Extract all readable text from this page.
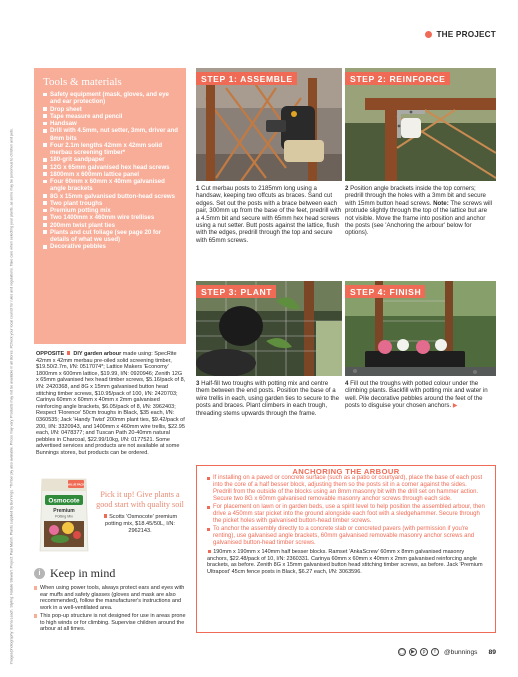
Images/photography: Elena Leach. Styling: Natalie Stewart. Project: Paul Marsh. Plants supplied by Bunnings. *Timber ply also available. Prices may vary. Products may not be available in all stores. #Check your local council for rules and regulations. Take care when selecting your plants, as some may be poisonous to children and pets.
THE PROJECT
Tools & materials
Safety equipment (mask, gloves, and eye and ear protection)
Drop sheet
Tape measure and pencil
Handsaw
Drill with 4.5mm, nut setter, 3mm, driver and 8mm bits
Four 2.1m lengths 42mm x 42mm solid merbau screening timber*
180-grit sandpaper
12G x 65mm galvanised hex head screws
1800mm x 600mm lattice panel
Four 60mm x 60mm x 40mm galvanised angle brackets
8G x 15mm galvanised button-head screws
Two plant troughs
Premium potting mix
Two 1400mm x 460mm wire trellises
200mm twist plant ties
Plants and cut foliage (see page 20 for details of what we used)
Decorative pebbles
OPPOSITE DIY garden arbour made using: SpecRite 42mm x 42mm merbau pre-oiled solid screening timber, $19.50/2.7m, I/N: 0517074*; Lattice Makers 'Economy' 1800mm x 600mm lattice, $19.99, I/N: 0920946; Zenith 12G x 65mm galvanised hex head timber screws, $5.16/pack of 8, I/N: 2420368, and 8G x 15mm galvanised button head stitching timber screws, $10.95/pack of 100, I/N: 2420703; Carinya 60mm x 60mm x 40mm x 2mm galvanised reinforcing angle brackets, $6.05/pack of 8, I/N: 3962403; Respect 'Florence' 50cm troughs in Black, $35 each, I/N: 0360535; Jack 'Handy Twist' 200mm plant ties, $9.42/pack of 200, I/N: 3320943, and 1400mm x 460mm wire trellis, $22.95 each, I/N: 0478377; and Tuscan Path 20-40mm natural pebbles in Charcoal, $22.99/10kg, I/N: 0177521. Some advertised services and products are not available at some Bunnings stores, but products can be ordered.
Osmocote
Premium
Potting Mix
VALUE PACK
Pick it up! Give plants a good start with quality soil
Scotts 'Osmocote' premium potting mix, $18.45/50L, I/N: 2962143.
i Keep in mind
When using power tools, always protect ears and eyes with ear muffs and safety glasses (gloves and mask are also recommended), follow the manufacturer's instructions and work in a well-ventilated area.
This pop-up structure is not designed for use in areas prone to high winds or for climbing. Supervise children around the arbour at all times.
STEP 1: ASSEMBLE
1 Cut merbau posts to 2185mm long using a handsaw, keeping two offcuts as braces. Sand cut edges. Set out the posts with a brace between each pair, 300mm up from the base of the feet, predrill with a 4.5mm bit and secure with 65mm hex head screws using a nut setter. Butt posts against the lattice, flush with the edges, predrill through the top and secure with 65mm screws.
STEP 2: REINFORCE
2 Position angle brackets inside the top corners; predrill through the holes with a 3mm bit and secure with 15mm button head screws. Note: The screws will protrude slightly through the top of the lattice but are not visible. Move the frame into position and anchor the posts (see 'Anchoring the arbour' below for options).
STEP 3: PLANT
3 Half-fill two troughs with potting mix and centre them between the end posts. Position the base of a wire trellis in each, using garden ties to secure to the posts and braces. Plant climbers in each trough, threading stems upwards through the frame.
STEP 4: FINISH
4 Fill out the troughs with potted colour under the climbing plants. Backfill with potting mix and water in well. Pile decorative pebbles around the feet of the posts to disguise your chosen anchors. ▶
ANCHORING THE ARBOUR
If installing on a paved or concrete surface (such as a patio or courtyard), place the base of each post into the core of a half besser block, adjusting them so the posts sit in a corner against the sides. Predrill from the outside of the blocks using an 8mm masonry bit with the drill set on hammer action. Secure two 8G x 60mm galvanised removable masonry anchor screws through each side.
For placement on lawn or in garden beds, use a spirit level to help position the assembled arbour, then drive a 450mm star picket into the ground alongside each foot with a sledgehammer. Secure through the picket holes with galvanised button-head timber screws.
To anchor the assembly directly to a concrete slab or concreted pavers (with permission if you're renting), use galvanised angle brackets, 60mm galvanised removable masonry anchor screws and galvanised button-head timber screws.
190mm x 190mm x 140mm half besser blocks. Ramset 'AnkaScrew' 60mm x 8mm galvanised masonry anchors, $22.48/pack of 10, I/N: 2360331. Carinya 60mm x 60mm x 40mm x 2mm galvanised reinforcing angle brackets, as before. Zenith 8G x 15mm galvanised button head stitching timber screws, as before. Jack 'Premium Ultrapost' 45cm fence posts in Black, $6.27 each, I/N: 3063596.
◯	▶	p	f	@bunnings 89
